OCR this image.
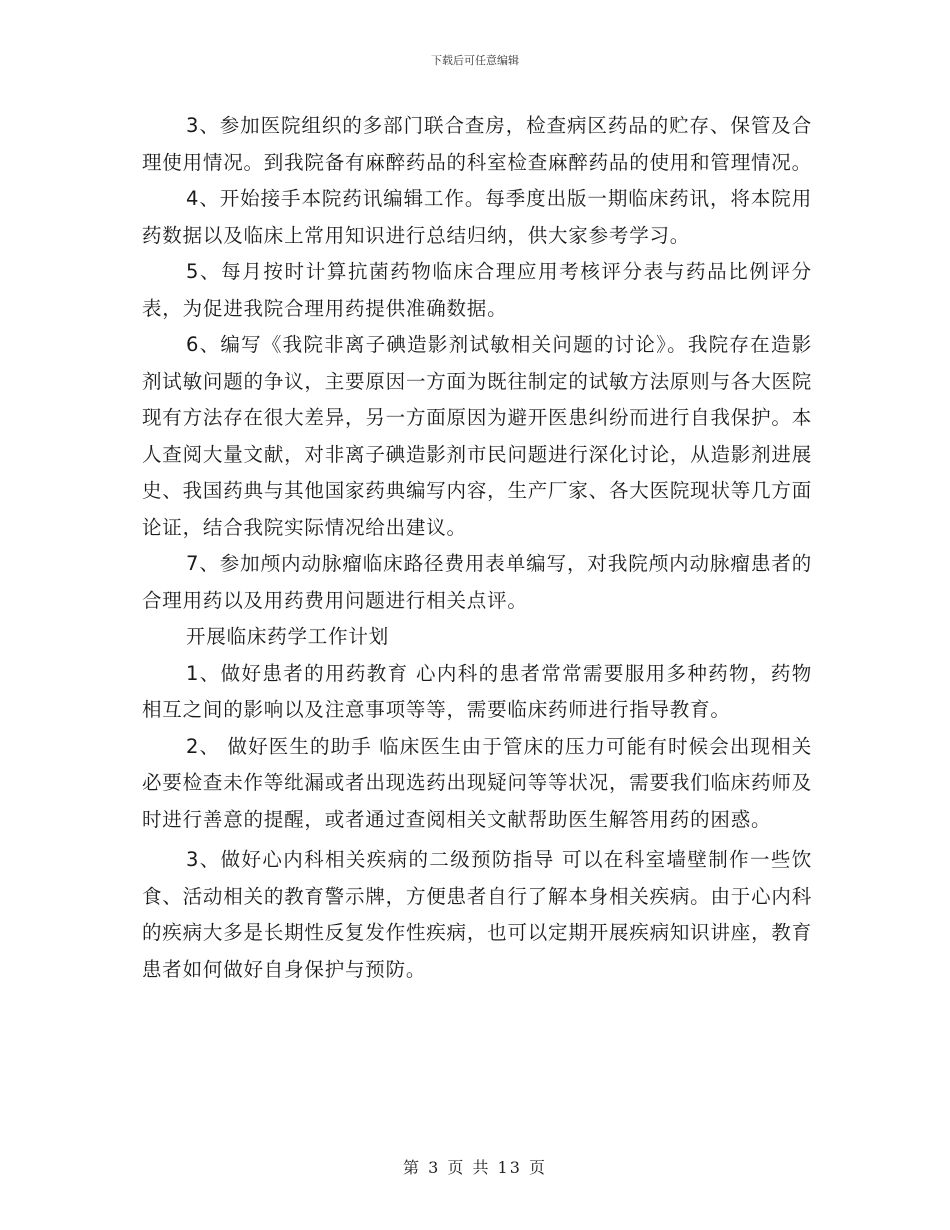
下载后可任意编辑

3、参加医院组织的多部门联合查房，检查病区药品的贮存、保管及合理使用情况。到我院备有麻醉药品的科室检查麻醉药品的使用和管理情况。

4、开始接手本院药讯编辑工作。每季度出版一期临床药讯，将本院用药数据以及临床上常用知识进行总结归纳，供大家参考学习。

5、每月按时计算抗菌药物临床合理应用考核评分表与药品比例评分表，为促进我院合理用药提供准确数据。

6、编写《我院非离子碘造影剂试敏相关问题的讨论》。我院存在造影剂试敏问题的争议，主要原因一方面为既往制定的试敏方法原则与各大医院现有方法存在很大差异，另一方面原因为避开医患纠纷而进行自我保护。本人查阅大量文献，对非离子碘造影剂市民问题进行深化讨论，从造影剂进展史、我国药典与其他国家药典编写内容，生产厂家、各大医院现状等几方面论证，结合我院实际情况给出建议。

7、参加颅内动脉瘤临床路径费用表单编写，对我院颅内动脉瘤患者的合理用药以及用药费用问题进行相关点评。

开展临床药学工作计划

1、做好患者的用药教育 心内科的患者常常需要服用多种药物，药物相互之间的影响以及注意事项等等，需要临床药师进行指导教育。

2、 做好医生的助手 临床医生由于管床的压力可能有时候会出现相关必要检查未作等纰漏或者出现选药出现疑问等等状况，需要我们临床药师及时进行善意的提醒，或者通过查阅相关文献帮助医生解答用药的困惑。

3、做好心内科相关疾病的二级预防指导 可以在科室墙壁制作一些饮食、活动相关的教育警示牌，方便患者自行了解本身相关疾病。由于心内科的疾病大多是长期性反复发作性疾病，也可以定期开展疾病知识讲座，教育患者如何做好自身保护与预防。

第 3 页 共 13 页
